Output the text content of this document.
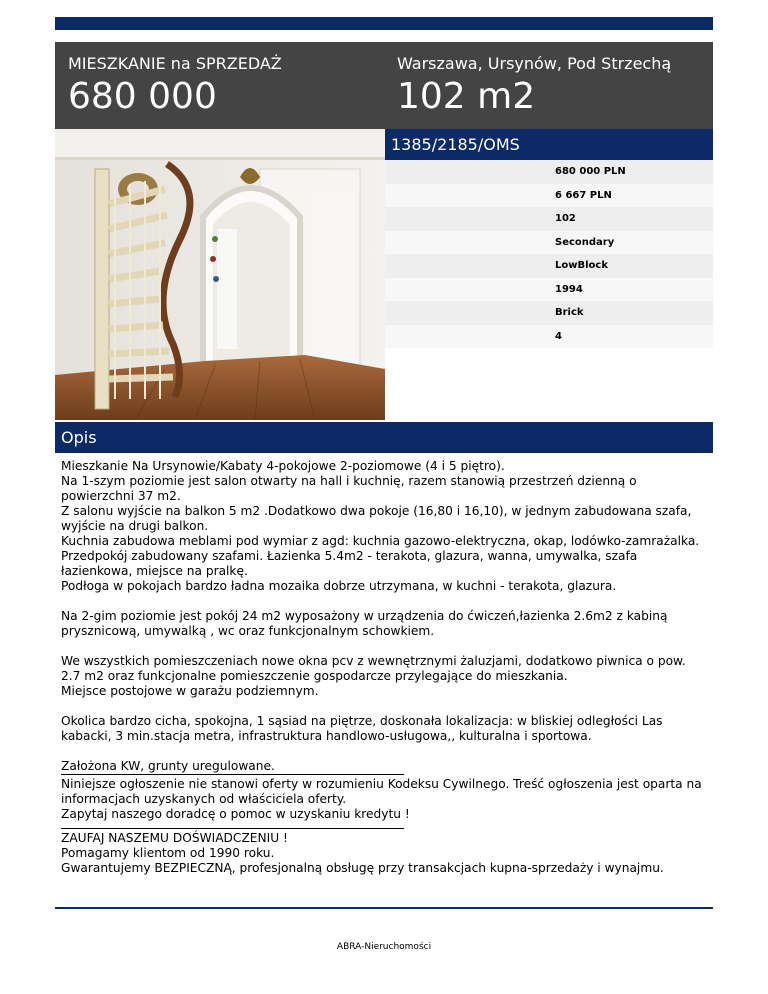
MIESZKANIE na SPRZEDAŻ
680 000
Warszawa, Ursynów, Pod Strzechą
102 m2
1385/2185/OMS
680 000 PLN
6 667 PLN
102
Secondary
LowBlock
1994
Brick
4
Opis

Mieszkanie Na Ursynowie/Kabaty 4-pokojowe 2-poziomowe (4 i 5 piętro).

Na 1-szym poziomie jest salon otwarty na hall i kuchnię, razem stanowią przestrzeń dzienną o powierzchni 37 m2.

Z salonu wyjście na balkon 5 m2 .Dodatkowo dwa pokoje (16,80 i 16,10), w jednym zabudowana szafa, wyjście na drugi balkon.

Kuchnia zabudowa meblami pod wymiar z agd: kuchnia gazowo-elektryczna, okap, lodówko-zamrażalka. Przedpokój zabudowany szafami. Łazienka 5.4m2 - terakota, glazura, wanna, umywalka, szafa łazienkowa, miejsce na pralkę.

Podłoga w pokojach bardzo ładna mozaika dobrze utrzymana, w kuchni - terakota, glazura.

Na 2-gim poziomie jest pokój 24 m2 wyposażony w urządzenia do ćwiczeń,łazienka 2.6m2 z kabiną prysznicową, umywalką , wc oraz funkcjonalnym schowkiem.

We wszystkich pomieszczeniach nowe okna pcv z wewnętrznymi żaluzjami, dodatkowo piwnica o pow. 2.7 m2 oraz funkcjonalne pomieszczenie gospodarcze przylegające do mieszkania.

Miejsce postojowe w garażu podziemnym.

Okolica bardzo cicha, spokojna, 1 sąsiad na piętrze, doskonała lokalizacja: w bliskiej odległości Las kabacki, 3 min.stacja metra, infrastruktura handlowo-usługowa,, kulturalna i sportowa.

Założona KW, grunty uregulowane.

Niniejsze ogłoszenie nie stanowi oferty w rozumieniu Kodeksu Cywilnego. Treść ogłoszenia jest oparta na informacjach uzyskanych od właściciela oferty.

Zapytaj naszego doradcę o pomoc w uzyskaniu kredytu !

ZAUFAJ NASZEMU DOŚWIADCZENIU !

Pomagamy klientom od 1990 roku.

Gwarantujemy BEZPIECZNĄ, profesjonalną obsługę przy transakcjach kupna-sprzedaży i wynajmu.

ABRA-Nieruchomości
